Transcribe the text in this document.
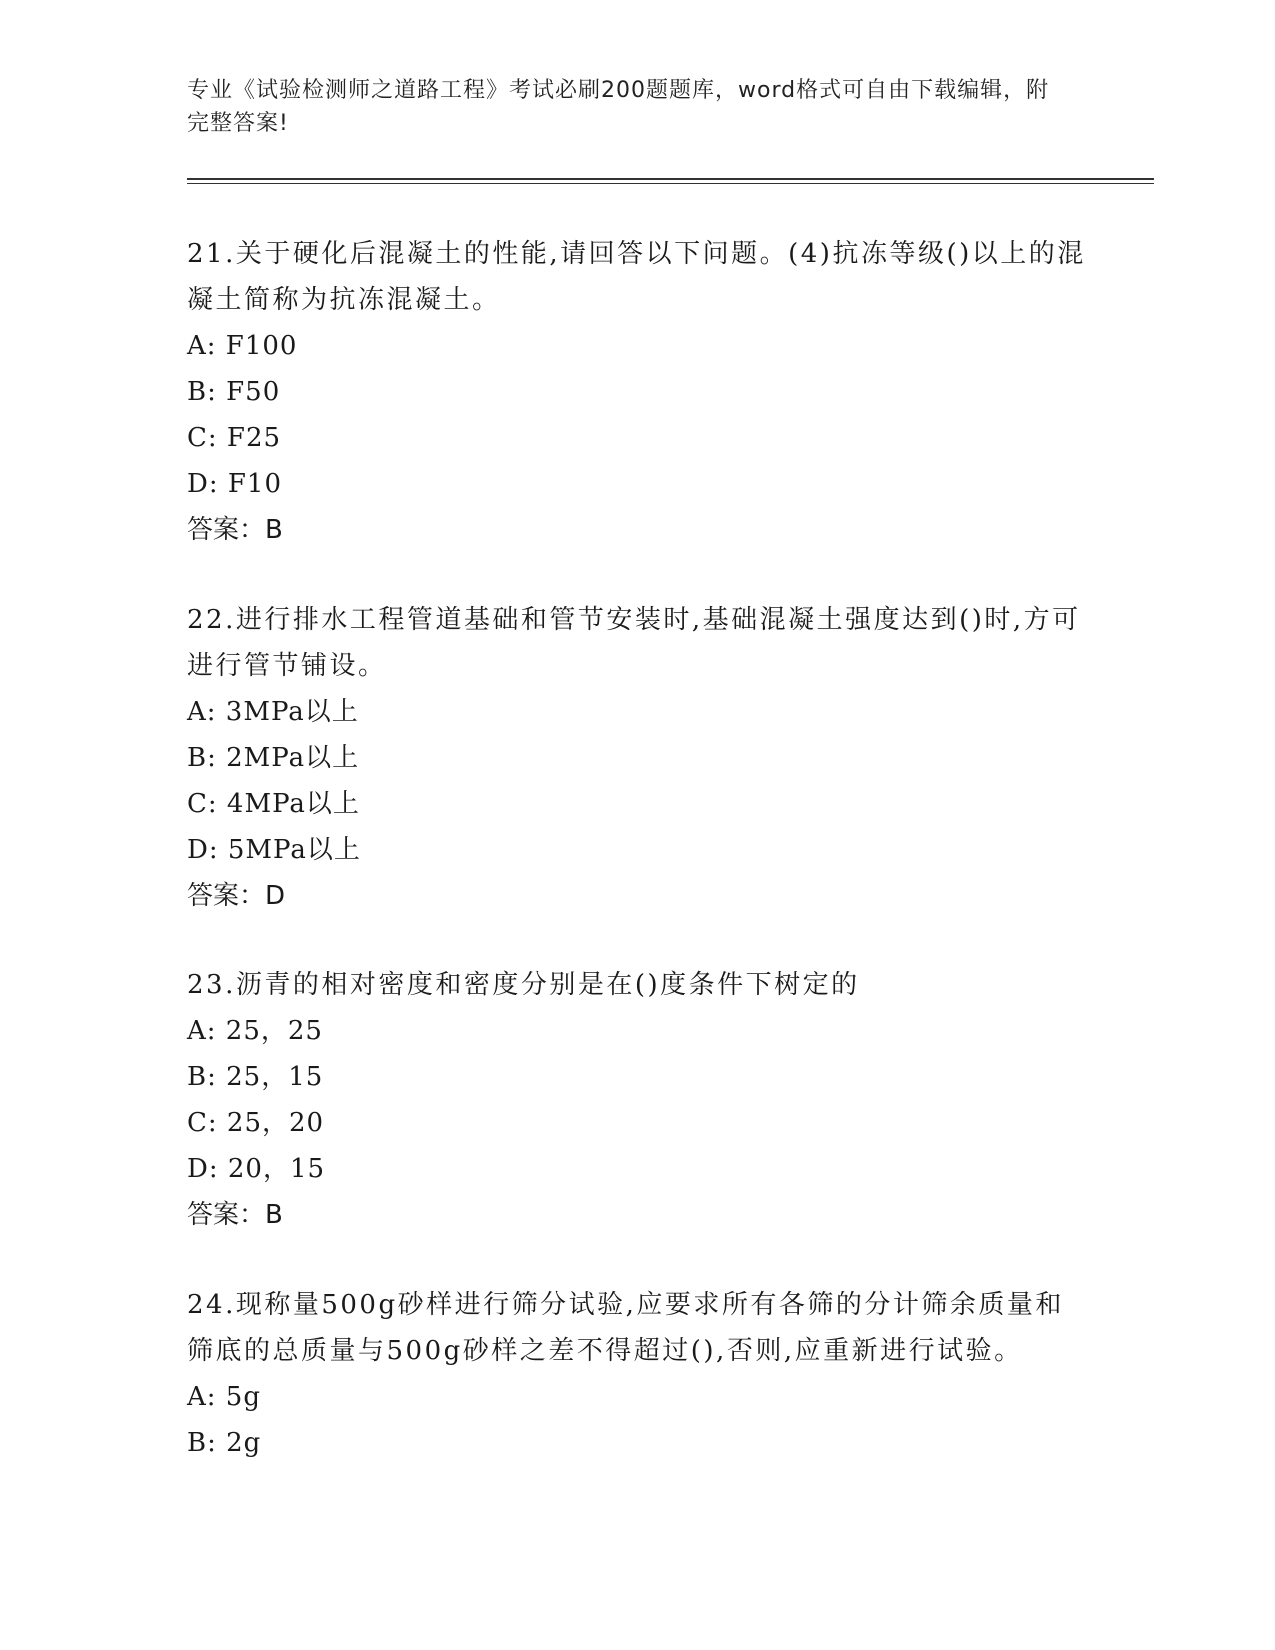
专业《试验检测师之道路工程》考试必刷200题题库，word格式可自由下载编辑，附完整答案!

21.关于硬化后混凝土的性能,请回答以下问题。(4)抗冻等级()以上的混凝土简称为抗冻混凝土。

A: F100

B: F50

C: F25

D: F10

答案：B

22.进行排水工程管道基础和管节安装时,基础混凝土强度达到()时,方可进行管节铺设。

A: 3MPa以上

B: 2MPa以上

C: 4MPa以上

D: 5MPa以上

答案：D

23.沥青的相对密度和密度分别是在()度条件下树定的

A: 25，25

B: 25，15

C: 25，20

D: 20，15

答案：B

24.现称量500g砂样进行筛分试验,应要求所有各筛的分计筛余质量和筛底的总质量与500g砂样之差不得超过(),否则,应重新进行试验。

A: 5g

B: 2g
